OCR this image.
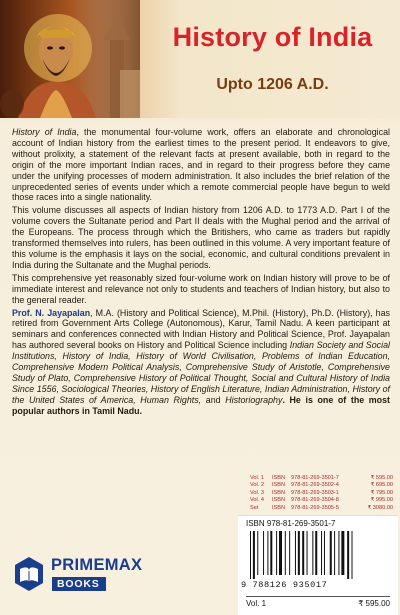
History of India
Upto 1206 A.D.

History of India, the monumental four-volume work, offers an elaborate and chronological account of Indian history from the earliest times to the present period. It endeavors to give, without prolixity, a statement of the relevant facts at present available, both in regard to the origin of the more important Indian races, and in regard to their progress before they came under the unifying processes of modern administration. It also includes the brief relation of the unprecedented series of events under which a remote commercial people have begun to weld those races into a single nationality.

This volume discusses all aspects of Indian history from 1206 A.D. to 1773 A.D. Part I of the volume covers the Sultanate period and Part II deals with the Mughal period and the arrival of the Europeans. The process through which the Britishers, who came as traders but rapidly transformed themselves into rulers, has been outlined in this volume. A very important feature of this volume is the emphasis it lays on the social, economic, and cultural conditions prevalent in India during the Sultanate and the Mughal periods.

This comprehensive yet reasonably sized four-volume work on Indian history will prove to be of immediate interest and relevance not only to students and teachers of Indian history, but also to the general reader.

Prof. N. Jayapalan, M.A. (History and Political Science), M.Phil. (History), Ph.D. (History), has retired from Government Arts College (Autonomous), Karur, Tamil Nadu. A keen participant at seminars and conferences connected with Indian History and Political Science, Prof. Jayapalan has authored several books on History and Political Science including Indian Society and Social Institutions, History of India, History of World Civilisation, Problems of Indian Education, Comprehensive Modern Political Analysis, Comprehensive Study of Aristotle, Comprehensive Study of Plato, Comprehensive History of Political Thought, Social and Cultural History of India Since 1556, Sociological Theories, History of English Literature, Indian Administration, History of the United States of America, Human Rights, and Historiography. He is one of the most popular authors in Tamil Nadu.

Vol. 1	ISBN	978-81-269-3501-7	₹ 595.00
Vol. 2	ISBN	978-81-269-3502-4	₹ 695.00
Vol. 3	ISBN	978-81-269-3503-1	₹ 795.00
Vol. 4	ISBN	978-81-269-3504-8	₹ 995.00
Set	ISBN	978-81-269-3505-5	₹ 3080.00
ISBN 978-81-269-3501-7
9 788126 935017
Vol. 1	₹ 595.00
PRIMEMAX
BOOKS
